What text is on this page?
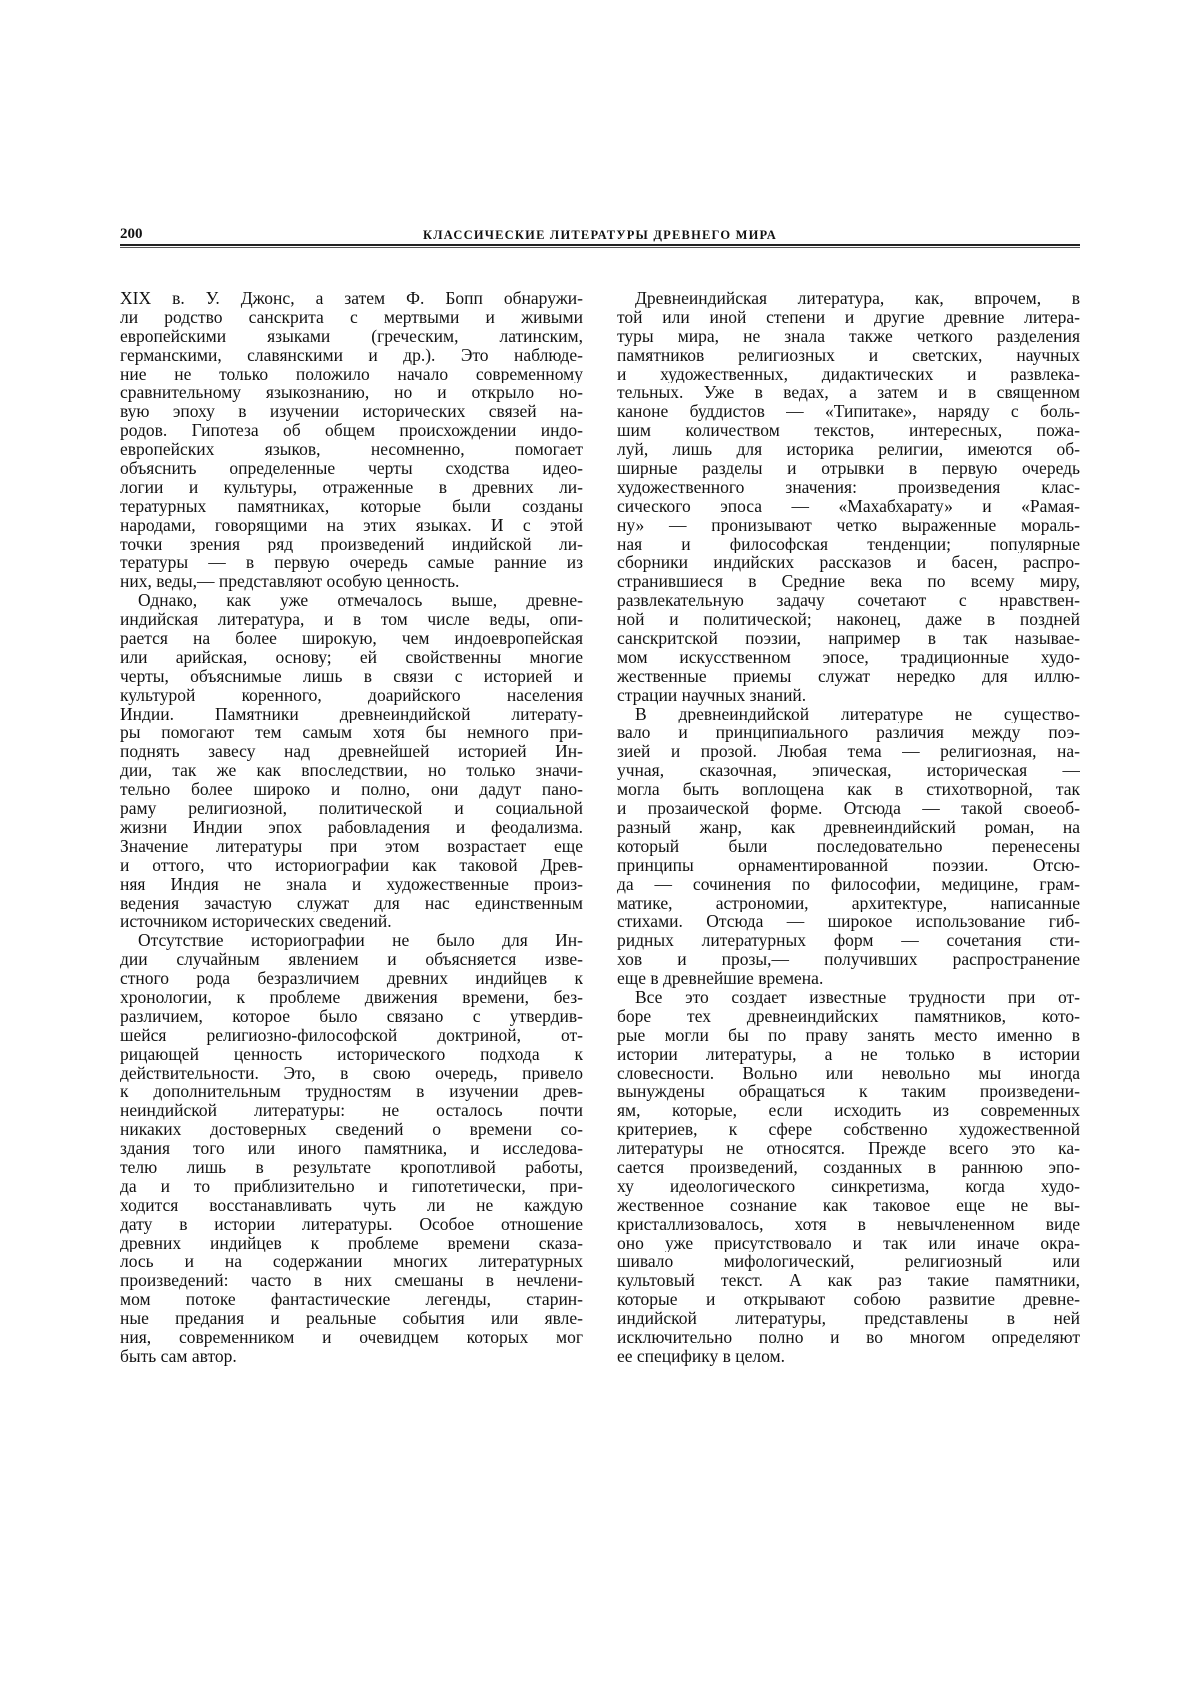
200	КЛАССИЧЕСКИЕ ЛИТЕРАТУРЫ ДРЕВНЕГО МИРА
XIX в. У. Джонс, а затем Ф. Бопп обнаружи-
ли родство санскрита с мертвыми и живыми
европейскими языками (греческим, латинским,
германскими, славянскими и др.). Это наблюде-
ние не только положило начало современному
сравнительному языкознанию, но и открыло но-
вую эпоху в изучении исторических связей на-
родов. Гипотеза об общем происхождении индо-
европейских языков, несомненно, помогает
объяснить определенные черты сходства идео-
логии и культуры, отраженные в древних ли-
тературных памятниках, которые были созданы
народами, говорящими на этих языках. И с этой
точки зрения ряд произведений индийской ли-
тературы — в первую очередь самые ранние из
них, веды,— представляют особую ценность.
Однако, как уже отмечалось выше, древне-
индийская литература, и в том числе веды, опи-
рается на более широкую, чем индоевропейская
или арийская, основу; ей свойственны многие
черты, объяснимые лишь в связи с историей и
культурой коренного, доарийского населения
Индии. Памятники древнеиндийской литерату-
ры помогают тем самым хотя бы немного при-
поднять завесу над древнейшей историей Ин-
дии, так же как впоследствии, но только значи-
тельно более широко и полно, они дадут пано-
раму религиозной, политической и социальной
жизни Индии эпох рабовладения и феодализма.
Значение литературы при этом возрастает еще
и оттого, что историографии как таковой Древ-
няя Индия не знала и художественные произ-
ведения зачастую служат для нас единственным
источником исторических сведений.
Отсутствие историографии не было для Ин-
дии случайным явлением и объясняется изве-
стного рода безразличием древних индийцев к
хронологии, к проблеме движения времени, без-
различием, которое было связано с утвердив-
шейся религиозно-философской доктриной, от-
рицающей ценность исторического подхода к
действительности. Это, в свою очередь, привело
к дополнительным трудностям в изучении древ-
неиндийской литературы: не осталось почти
никаких достоверных сведений о времени со-
здания того или иного памятника, и исследова-
телю лишь в результате кропотливой работы,
да и то приблизительно и гипотетически, при-
ходится восстанавливать чуть ли не каждую
дату в истории литературы. Особое отношение
древних индийцев к проблеме времени сказа-
лось и на содержании многих литературных
произведений: часто в них смешаны в нечлени-
мом потоке фантастические легенды, старин-
ные предания и реальные события или явле-
ния, современником и очевидцем которых мог
быть сам автор.
Древнеиндийская литература, как, впрочем, в
той или иной степени и другие древние литера-
туры мира, не знала также четкого разделения
памятников религиозных и светских, научных
и художественных, дидактических и развлека-
тельных. Уже в ведах, а затем и в священном
каноне буддистов — «Типитаке», наряду с боль-
шим количеством текстов, интересных, пожа-
луй, лишь для историка религии, имеются об-
ширные разделы и отрывки в первую очередь
художественного значения: произведения клас-
сического эпоса — «Махабхарату» и «Рамая-
ну» — пронизывают четко выраженные мораль-
ная и философская тенденции; популярные
сборники индийских рассказов и басен, распро-
странившиеся в Средние века по всему миру,
развлекательную задачу сочетают с нравствен-
ной и политической; наконец, даже в поздней
санскритской поэзии, например в так называе-
мом искусственном эпосе, традиционные худо-
жественные приемы служат нередко для иллю-
страции научных знаний.
В древнеиндийской литературе не существо-
вало и принципиального различия между поэ-
зией и прозой. Любая тема — религиозная, на-
учная, сказочная, эпическая, историческая —
могла быть воплощена как в стихотворной, так
и прозаической форме. Отсюда — такой своеоб-
разный жанр, как древнеиндийский роман, на
который были последовательно перенесены
принципы орнаментированной поэзии. Отсю-
да — сочинения по философии, медицине, грам-
матике, астрономии, архитектуре, написанные
стихами. Отсюда — широкое использование гиб-
ридных литературных форм — сочетания сти-
хов и прозы,— получивших распространение
еще в древнейшие времена.
Все это создает известные трудности при от-
боре тех древнеиндийских памятников, кото-
рые могли бы по праву занять место именно в
истории литературы, а не только в истории
словесности. Вольно или невольно мы иногда
вынуждены обращаться к таким произведени-
ям, которые, если исходить из современных
критериев, к сфере собственно художественной
литературы не относятся. Прежде всего это ка-
сается произведений, созданных в раннюю эпо-
ху идеологического синкретизма, когда худо-
жественное сознание как таковое еще не вы-
кристаллизовалось, хотя в невычлененном виде
оно уже присутствовало и так или иначе окра-
шивало мифологический, религиозный или
культовый текст. А как раз такие памятники,
которые и открывают собою развитие древне-
индийской литературы, представлены в ней
исключительно полно и во многом определяют
ее специфику в целом.
